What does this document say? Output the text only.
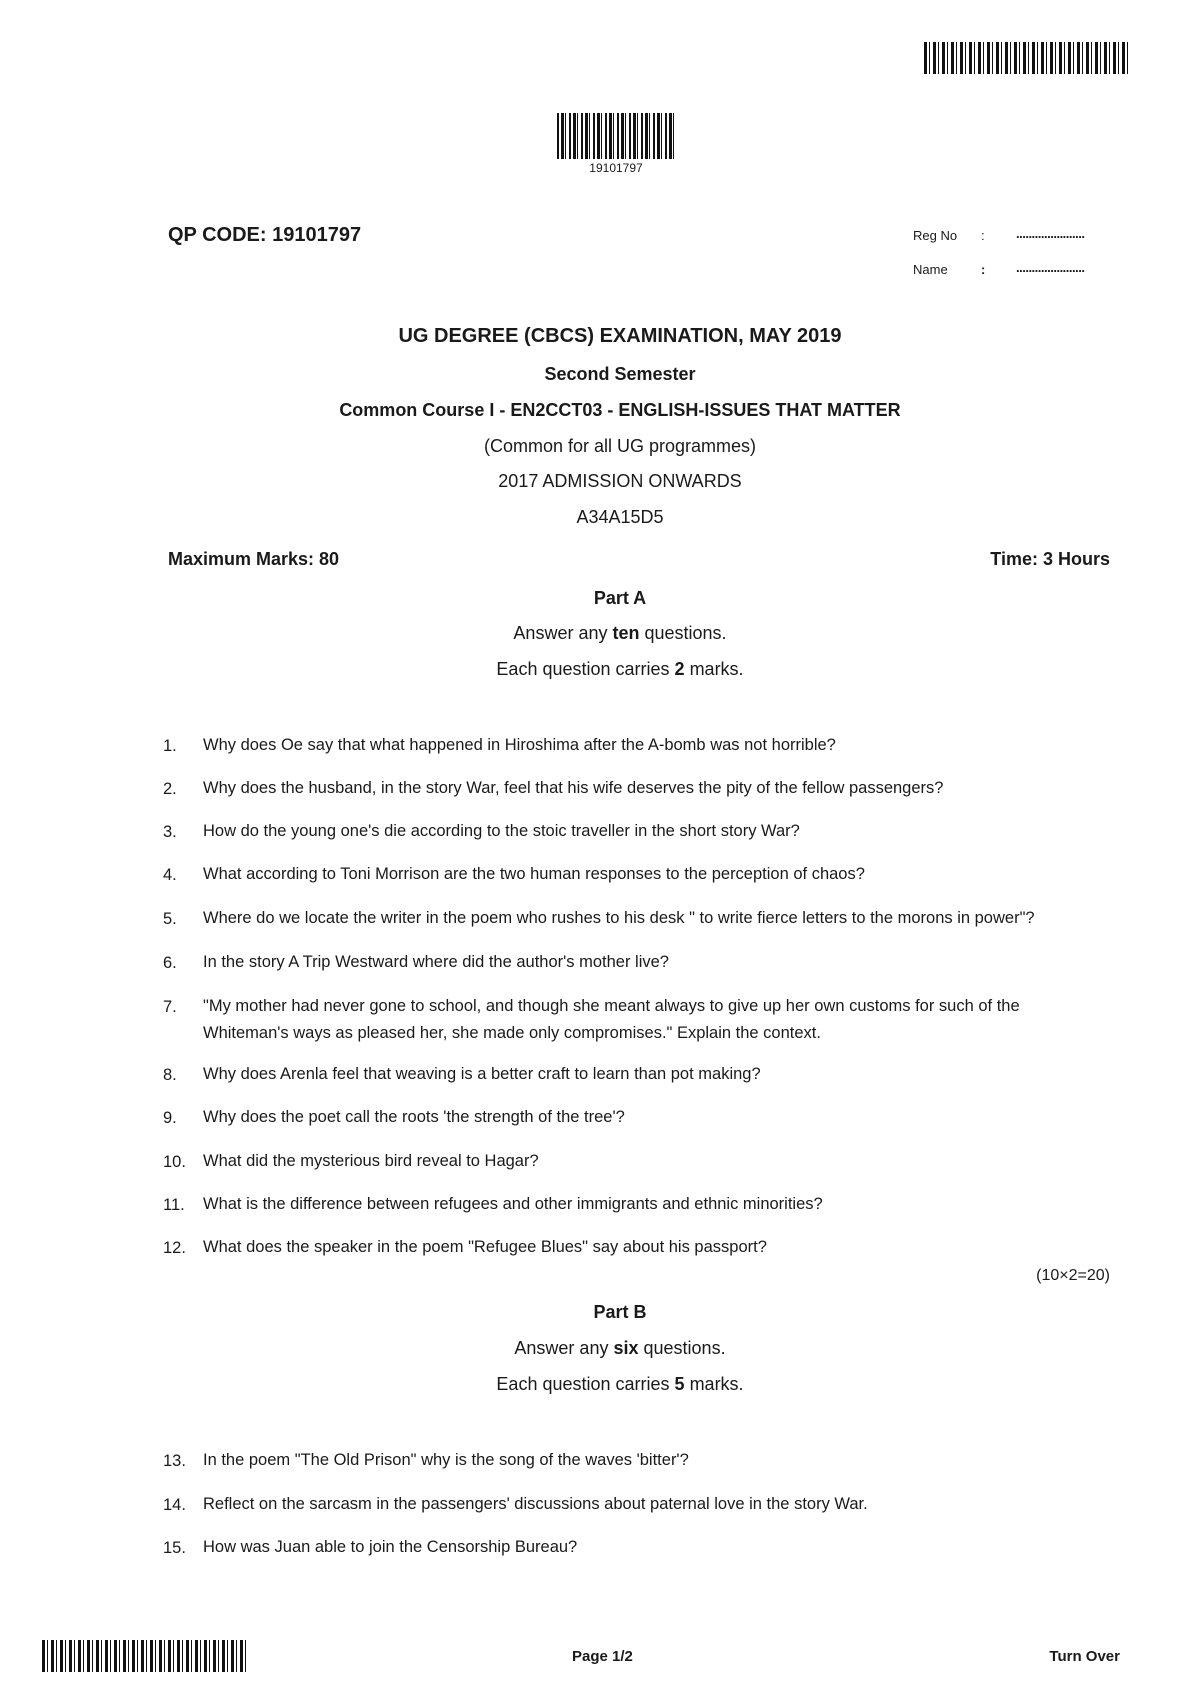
19101797
QP CODE: 19101797	Reg No : ......................
Name	: ......................
UG DEGREE (CBCS) EXAMINATION, MAY 2019
Second Semester
Common Course I - EN2CCT03 - ENGLISH-ISSUES THAT MATTER
(Common for all UG programmes)
2017 ADMISSION ONWARDS
A34A15D5
Maximum Marks: 80	Time: 3 Hours
Part A
Answer any ten questions.
Each question carries 2 marks.
1.	Why does Oe say that what happened in Hiroshima after the A-bomb was not horrible?
2.	Why does the husband, in the story War, feel that his wife deserves the pity of the fellow passengers?
3.	How do the young one's die according to the stoic traveller in the short story War?
4.	What according to Toni Morrison are the two human responses to the perception of chaos?
5.	Where do we locate the writer in the poem who rushes to his desk " to write fierce letters to the morons in power"?
6.	In the story A Trip Westward where did the author's mother live?
7.	"My mother had never gone to school, and though she meant always to give up her own customs for such of the
Whiteman's ways as pleased her, she made only compromises." Explain the context.
8.	Why does Arenla feel that weaving is a better craft to learn than pot making?
9.	Why does the poet call the roots 'the strength of the tree'?
10.	What did the mysterious bird reveal to Hagar?
11.	What is the difference between refugees and other immigrants and ethnic minorities?
12.	What does the speaker in the poem "Refugee Blues" say about his passport?
(10×2=20)
Part B
Answer any six questions.
Each question carries 5 marks.
13.	In the poem "The Old Prison" why is the song of the waves 'bitter'?
14.	Reflect on the sarcasm in the passengers' discussions about paternal love in the story War.
15.	How was Juan able to join the Censorship Bureau?
Page 1/2	Turn Over
